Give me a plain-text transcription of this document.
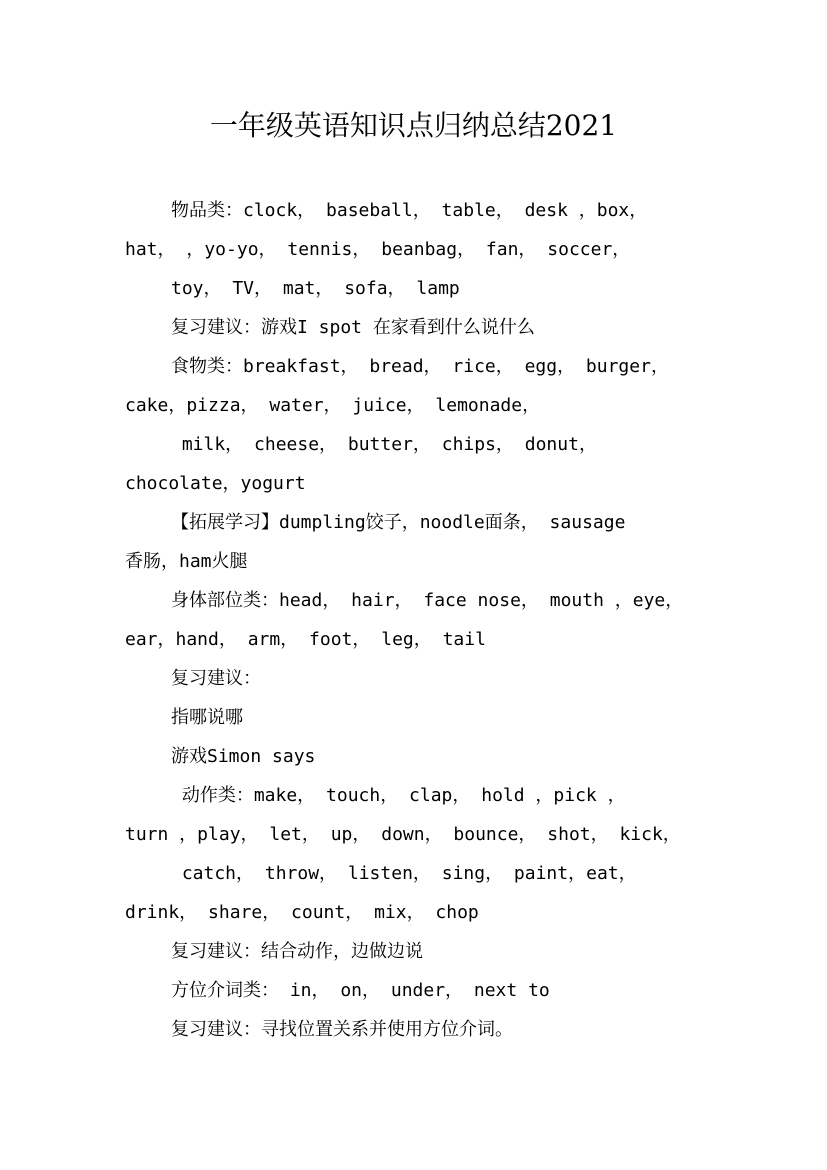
一年级英语知识点归纳总结2021
物品类：clock， baseball， table， desk ，box，
hat， ，yo-yo， tennis， beanbag， fan， soccer，
toy， TV， mat， sofa， lamp
复习建议：游戏I spot 在家看到什么说什么
食物类：breakfast， bread， rice， egg， burger，
cake，pizza， water， juice， lemonade，
milk， cheese， butter， chips， donut，
chocolate，yogurt
【拓展学习】dumpling饺子，noodle面条， sausage
香肠，ham火腿
身体部位类：head， hair， face nose， mouth ，eye，
ear，hand， arm， foot， leg， tail
复习建议：
指哪说哪
游戏Simon says
动作类：make， touch， clap， hold ，pick ，
turn ，play， let， up， down， bounce， shot， kick，
catch， throw， listen， sing， paint，eat，
drink， share， count， mix， chop
复习建议：结合动作，边做边说
方位介词类： in， on， under， next to
复习建议：寻找位置关系并使用方位介词。
